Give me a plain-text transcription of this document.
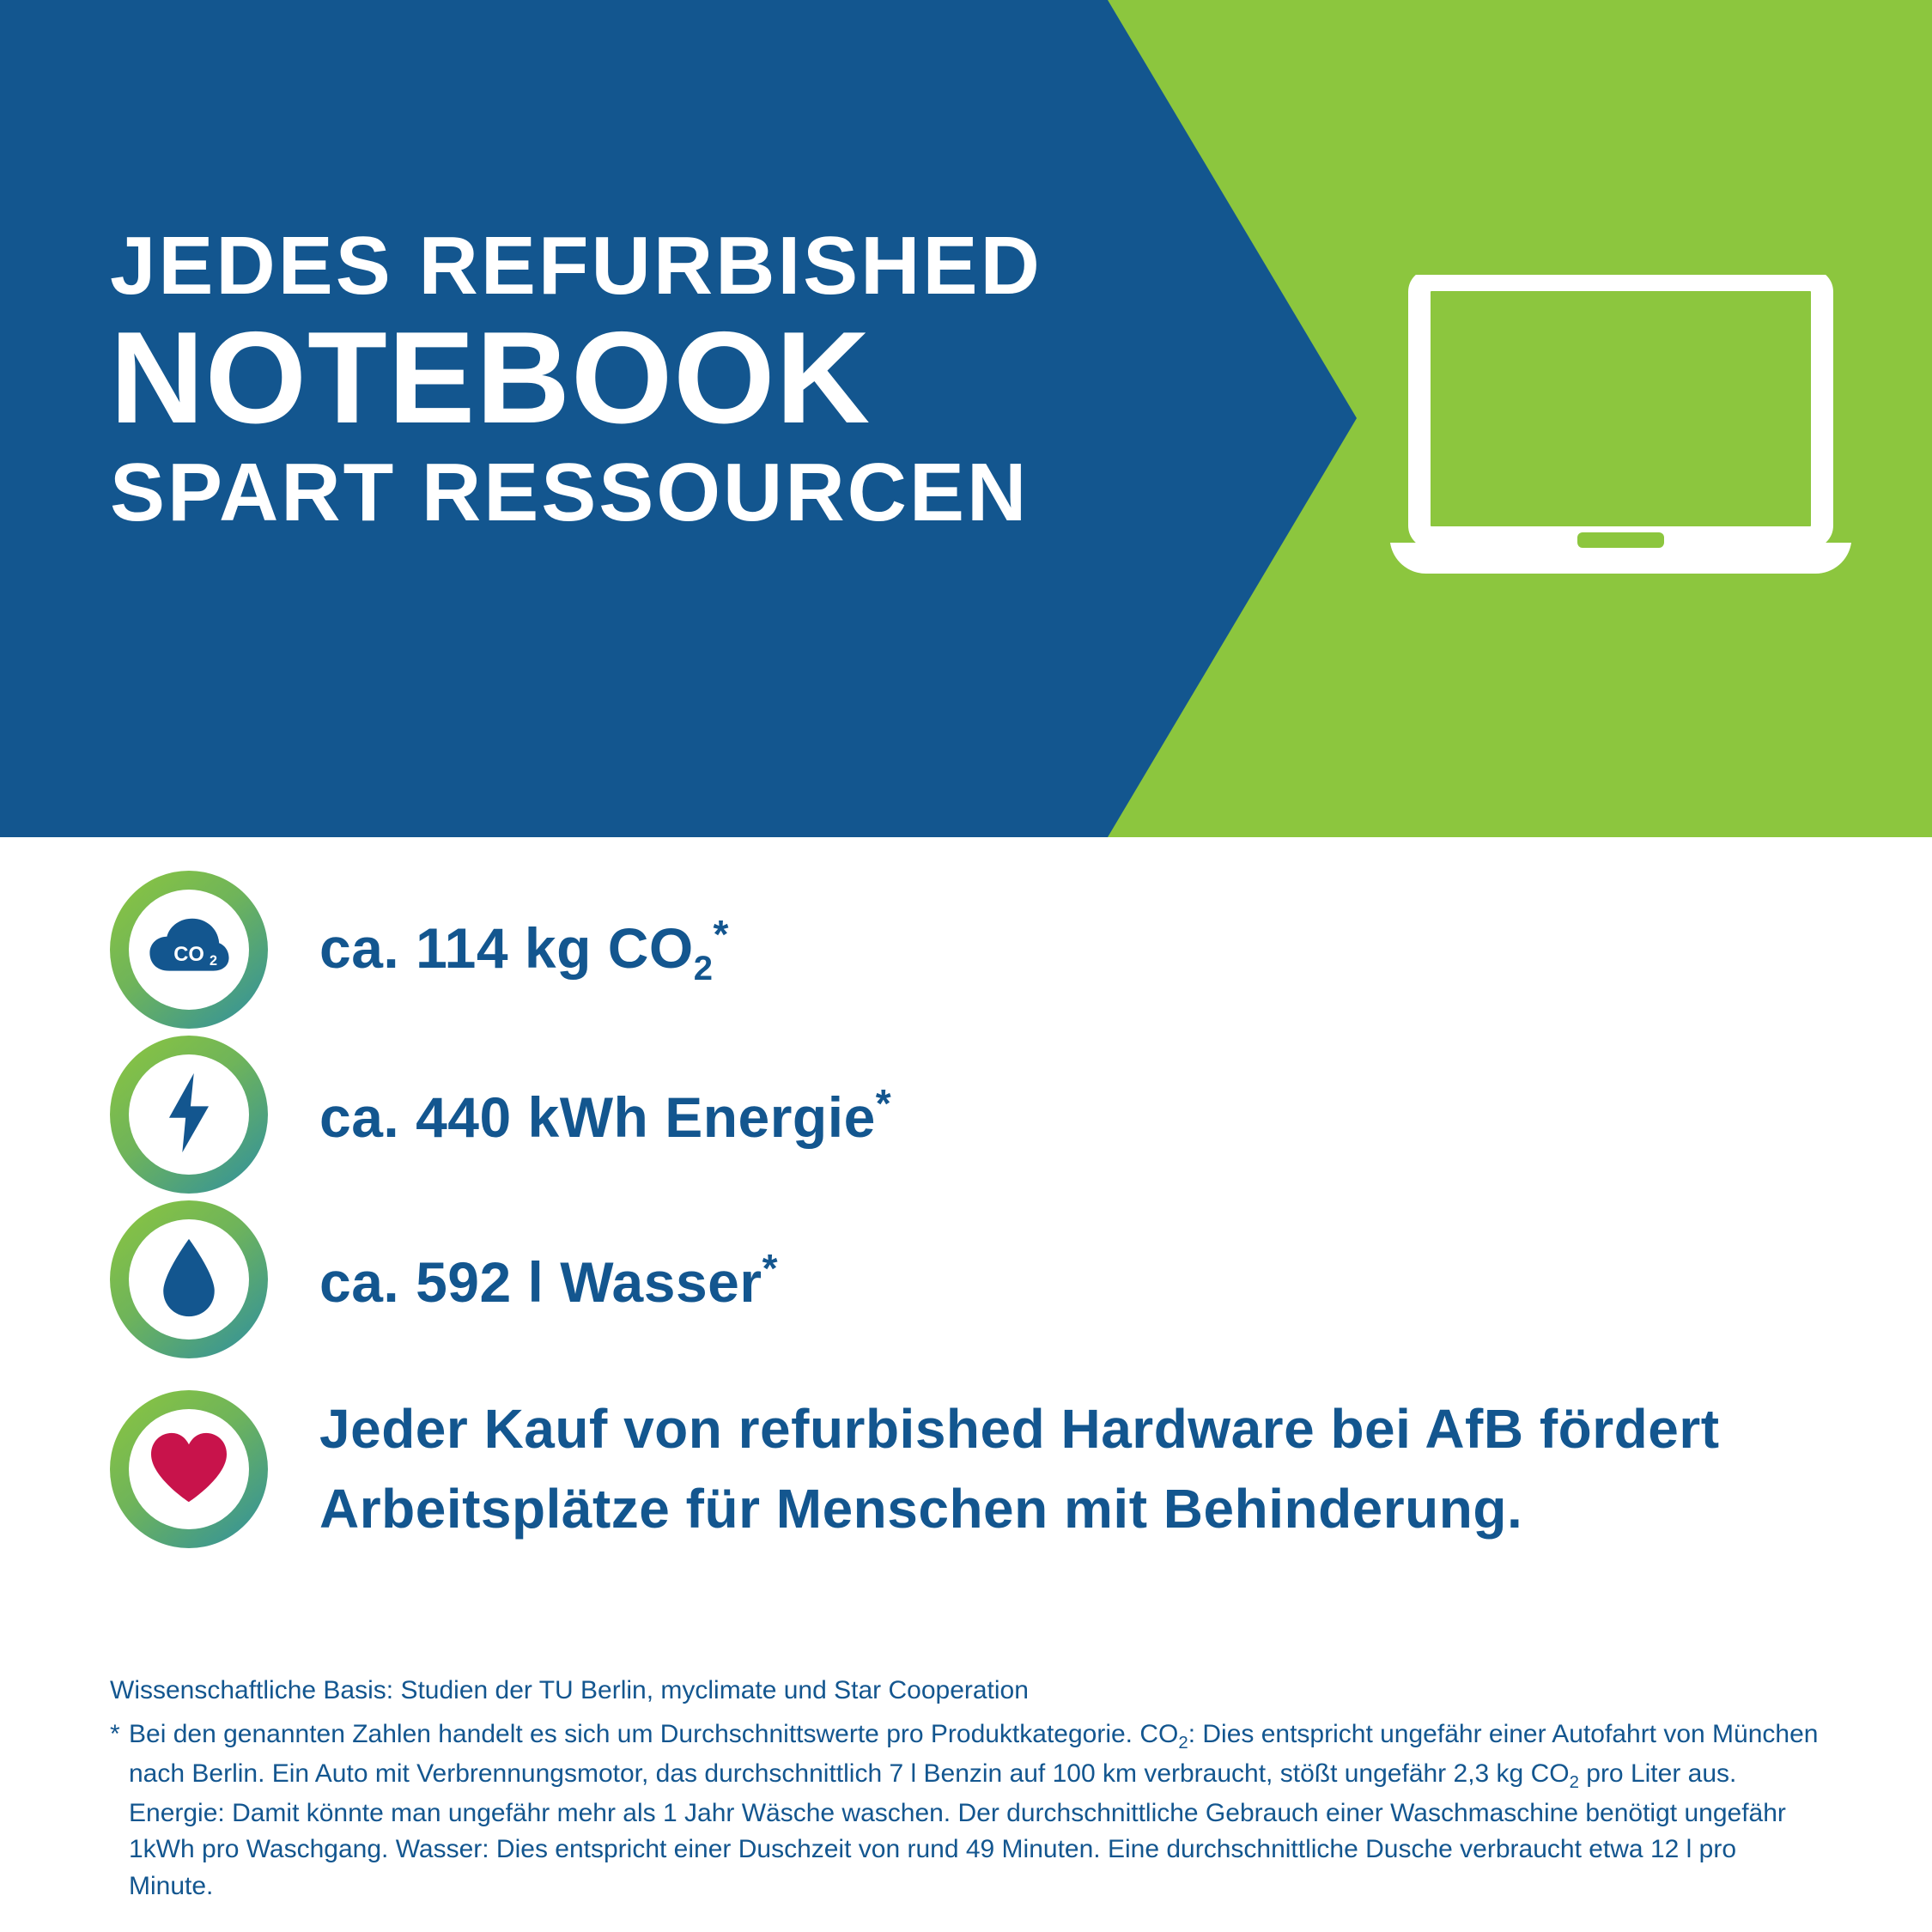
JEDES REFURBISHED
NOTEBOOK
SPART RESSOURCEN
CO 2 ca. 114 kg $CO_2^*$
ca. 440 kWh Energie*
ca. 592 l Wasser*
Jeder Kauf von refurbished Hardware bei AfB fördert Arbeitsplätze für Menschen mit Behinderung.
Wissenschaftliche Basis: Studien der TU Berlin, myclimate und Star Cooperation
* Bei den genannten Zahlen handelt es sich um Durchschnittswerte pro Produktkategorie. $CO_2$: Dies entspricht ungefähr einer Autofahrt von München nach Berlin. Ein Auto mit Verbrennungsmotor, das durchschnittlich 7 l Benzin auf 100 km verbraucht, stößt ungefähr 2,3 kg $CO_2$ pro Liter aus. Energie: Damit könnte man ungefähr mehr als 1 Jahr Wäsche waschen. Der durchschnittliche Gebrauch einer Waschmaschine benötigt ungefähr 1kWh pro Waschgang. Wasser: Dies entspricht einer Duschzeit von rund 49 Minuten. Eine durchschnittliche Dusche verbraucht etwa 12 l pro Minute.
